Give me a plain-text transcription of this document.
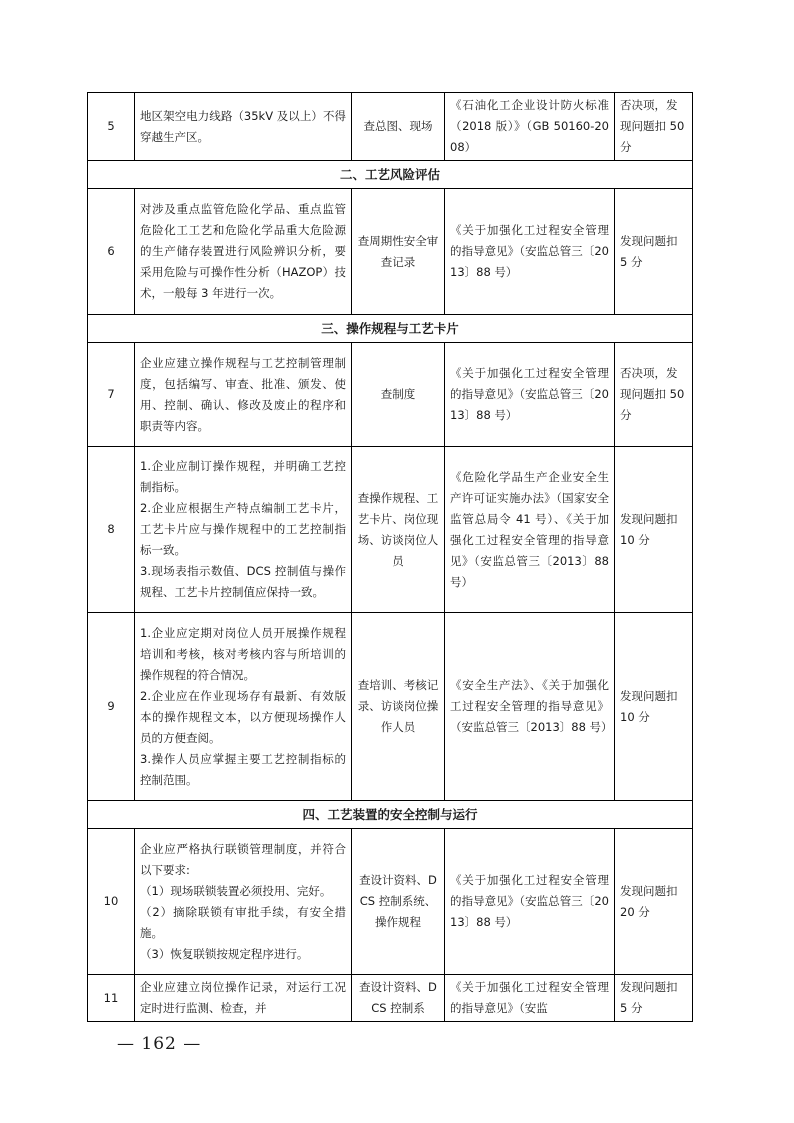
5	地区架空电力线路（35kV 及以上）不得穿越生产区。	查总图、现场	《石油化工企业设计防火标准（2018 版）》（GB 50160-2008）	否决项，发现问题扣 50 分
二、工艺风险评估				
6	对涉及重点监管危险化学品、重点监管危险化工工艺和危险化学品重大危险源的生产储存装置进行风险辨识分析，要采用危险与可操作性分析（HAZOP）技术，一般每 3 年进行一次。	查周期性安全审查记录	《关于加强化工过程安全管理的指导意见》（安监总管三〔2013〕88 号）	发现问题扣 5 分
三、操作规程与工艺卡片				
7	企业应建立操作规程与工艺控制管理制度，包括编写、审查、批准、颁发、使用、控制、确认、修改及废止的程序和职责等内容。	查制度	《关于加强化工过程安全管理的指导意见》（安监总管三〔2013〕88 号）	否决项，发现问题扣 50 分
8	1.企业应制订操作规程，并明确工艺控制指标。
2.企业应根据生产特点编制工艺卡片，工艺卡片应与操作规程中的工艺控制指标一致。
3.现场表指示数值、DCS 控制值与操作规程、工艺卡片控制值应保持一致。	查操作规程、工艺卡片、岗位现场、访谈岗位人员	《危险化学品生产企业安全生产许可证实施办法》（国家安全监管总局令 41 号）、《关于加强化工过程安全管理的指导意见》（安监总管三〔2013〕88 号）	发现问题扣 10 分
9	1.企业应定期对岗位人员开展操作规程培训和考核，核对考核内容与所培训的操作规程的符合情况。
2.企业应在作业现场存有最新、有效版本的操作规程文本，以方便现场操作人员的方便查阅。
3.操作人员应掌握主要工艺控制指标的控制范围。	查培训、考核记录、访谈岗位操作人员	《安全生产法》、《关于加强化工过程安全管理的指导意见》（安监总管三〔2013〕88 号）	发现问题扣 10 分
四、工艺装置的安全控制与运行				
10	企业应严格执行联锁管理制度，并符合以下要求:
（1）现场联锁装置必须投用、完好。
（2）摘除联锁有审批手续，有安全措施。
（3）恢复联锁按规定程序进行。	查设计资料、DCS 控制系统、操作规程	《关于加强化工过程安全管理的指导意见》（安监总管三〔2013〕88 号）	发现问题扣 20 分
11	企业应建立岗位操作记录，对运行工况定时进行监测、检查，并	查设计资料、DCS 控制系	《关于加强化工过程安全管理的指导意见》（安监	发现问题扣 5 分
— 162 —
